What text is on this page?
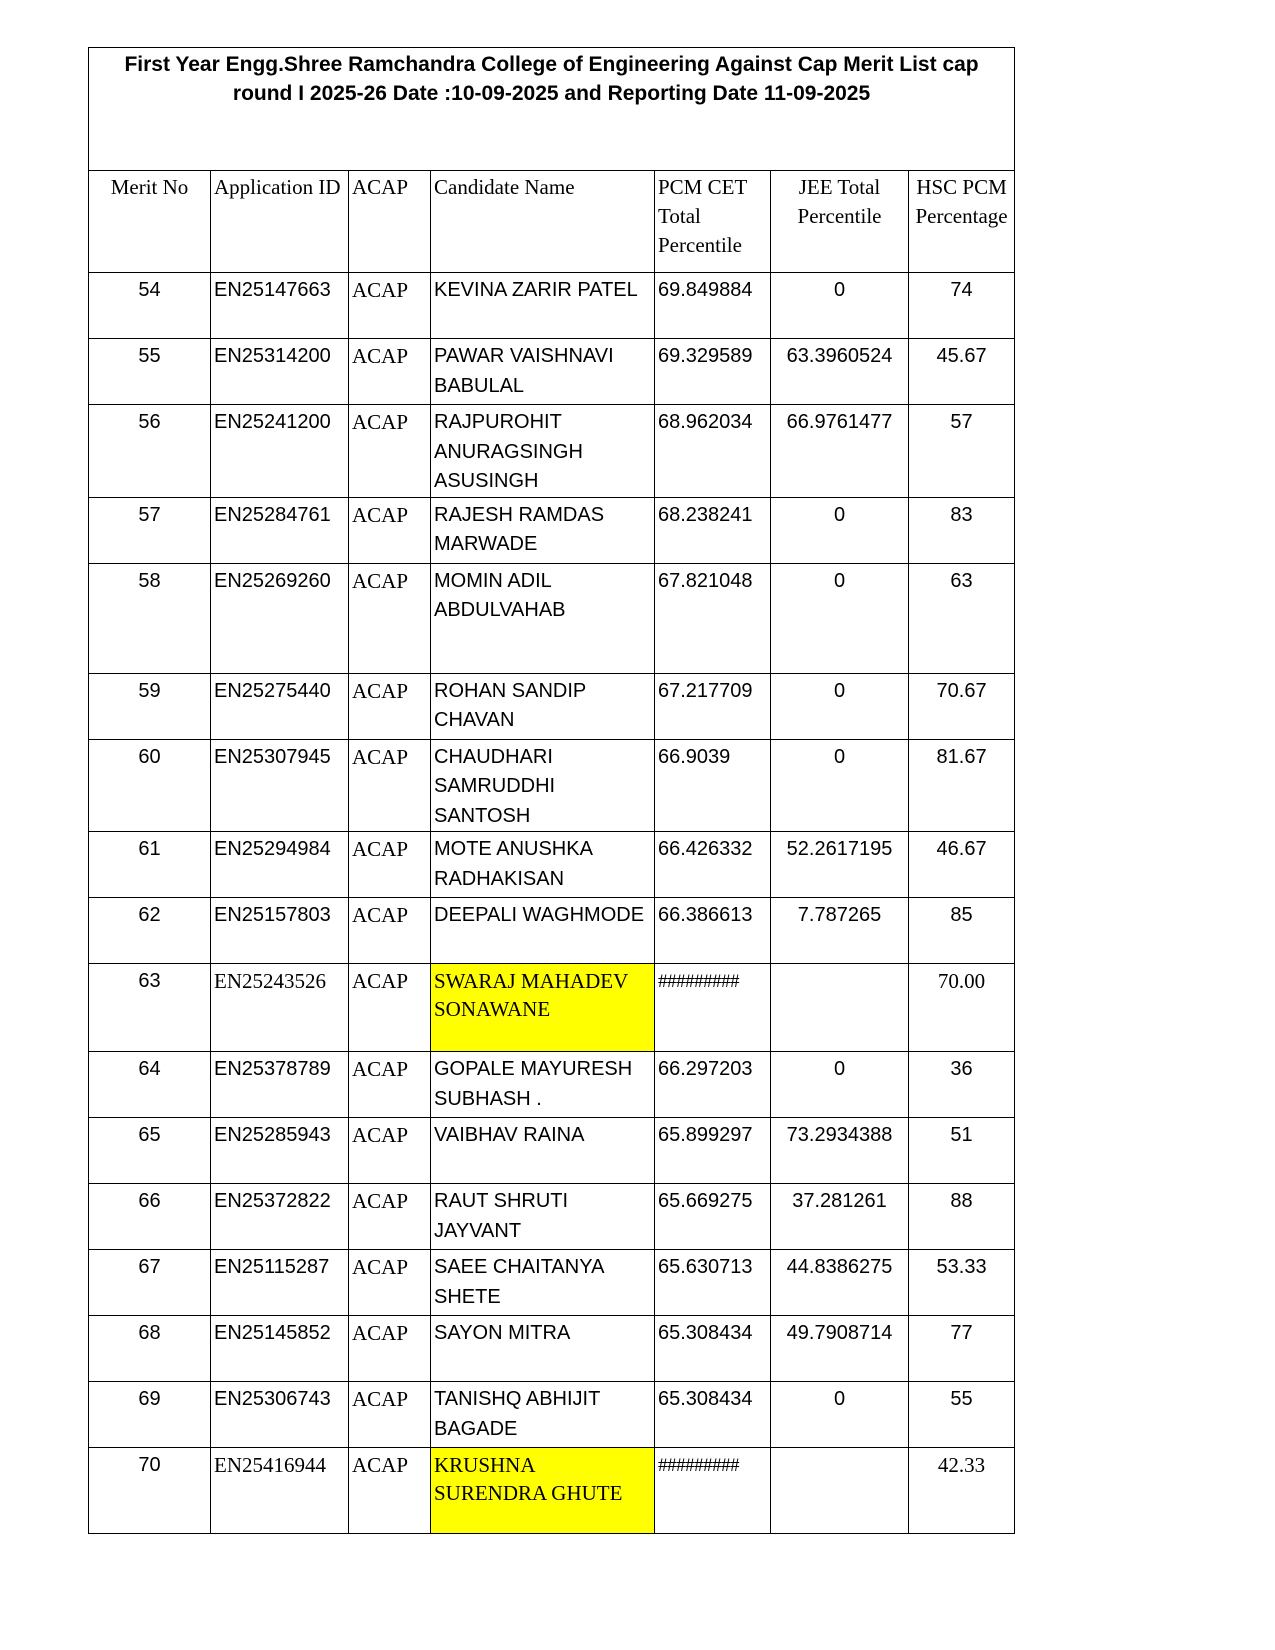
First Year Engg.Shree Ramchandra College of Engineering Against Cap Merit List cap round I 2025-26 Date :10-09-2025 and Reporting Date 11-09-2025						
Merit No	Application ID	ACAP	Candidate Name	PCM CET Total Percentile	JEE Total Percentile	HSC PCM Percentage
54	EN25147663	ACAP	KEVINA ZARIR PATEL	69.849884	0	74
55	EN25314200	ACAP	PAWAR VAISHNAVI BABULAL	69.329589	63.3960524	45.67
56	EN25241200	ACAP	RAJPUROHIT ANURAGSINGH ASUSINGH	68.962034	66.9761477	57
57	EN25284761	ACAP	RAJESH RAMDAS MARWADE	68.238241	0	83
58	EN25269260	ACAP	MOMIN ADIL ABDULVAHAB	67.821048	0	63
59	EN25275440	ACAP	ROHAN SANDIP CHAVAN	67.217709	0	70.67
60	EN25307945	ACAP	CHAUDHARI SAMRUDDHI SANTOSH	66.9039	0	81.67
61	EN25294984	ACAP	MOTE ANUSHKA RADHAKISAN	66.426332	52.2617195	46.67
62	EN25157803	ACAP	DEEPALI WAGHMODE	66.386613	7.787265	85
63	EN25243526	ACAP	SWARAJ MAHADEV SONAWANE	#########		70.00
64	EN25378789	ACAP	GOPALE MAYURESH SUBHASH .	66.297203	0	36
65	EN25285943	ACAP	VAIBHAV RAINA	65.899297	73.2934388	51
66	EN25372822	ACAP	RAUT SHRUTI JAYVANT	65.669275	37.281261	88
67	EN25115287	ACAP	SAEE CHAITANYA SHETE	65.630713	44.8386275	53.33
68	EN25145852	ACAP	SAYON MITRA	65.308434	49.7908714	77
69	EN25306743	ACAP	TANISHQ ABHIJIT BAGADE	65.308434	0	55
70	EN25416944	ACAP	KRUSHNA SURENDRA GHUTE	#########		42.33
